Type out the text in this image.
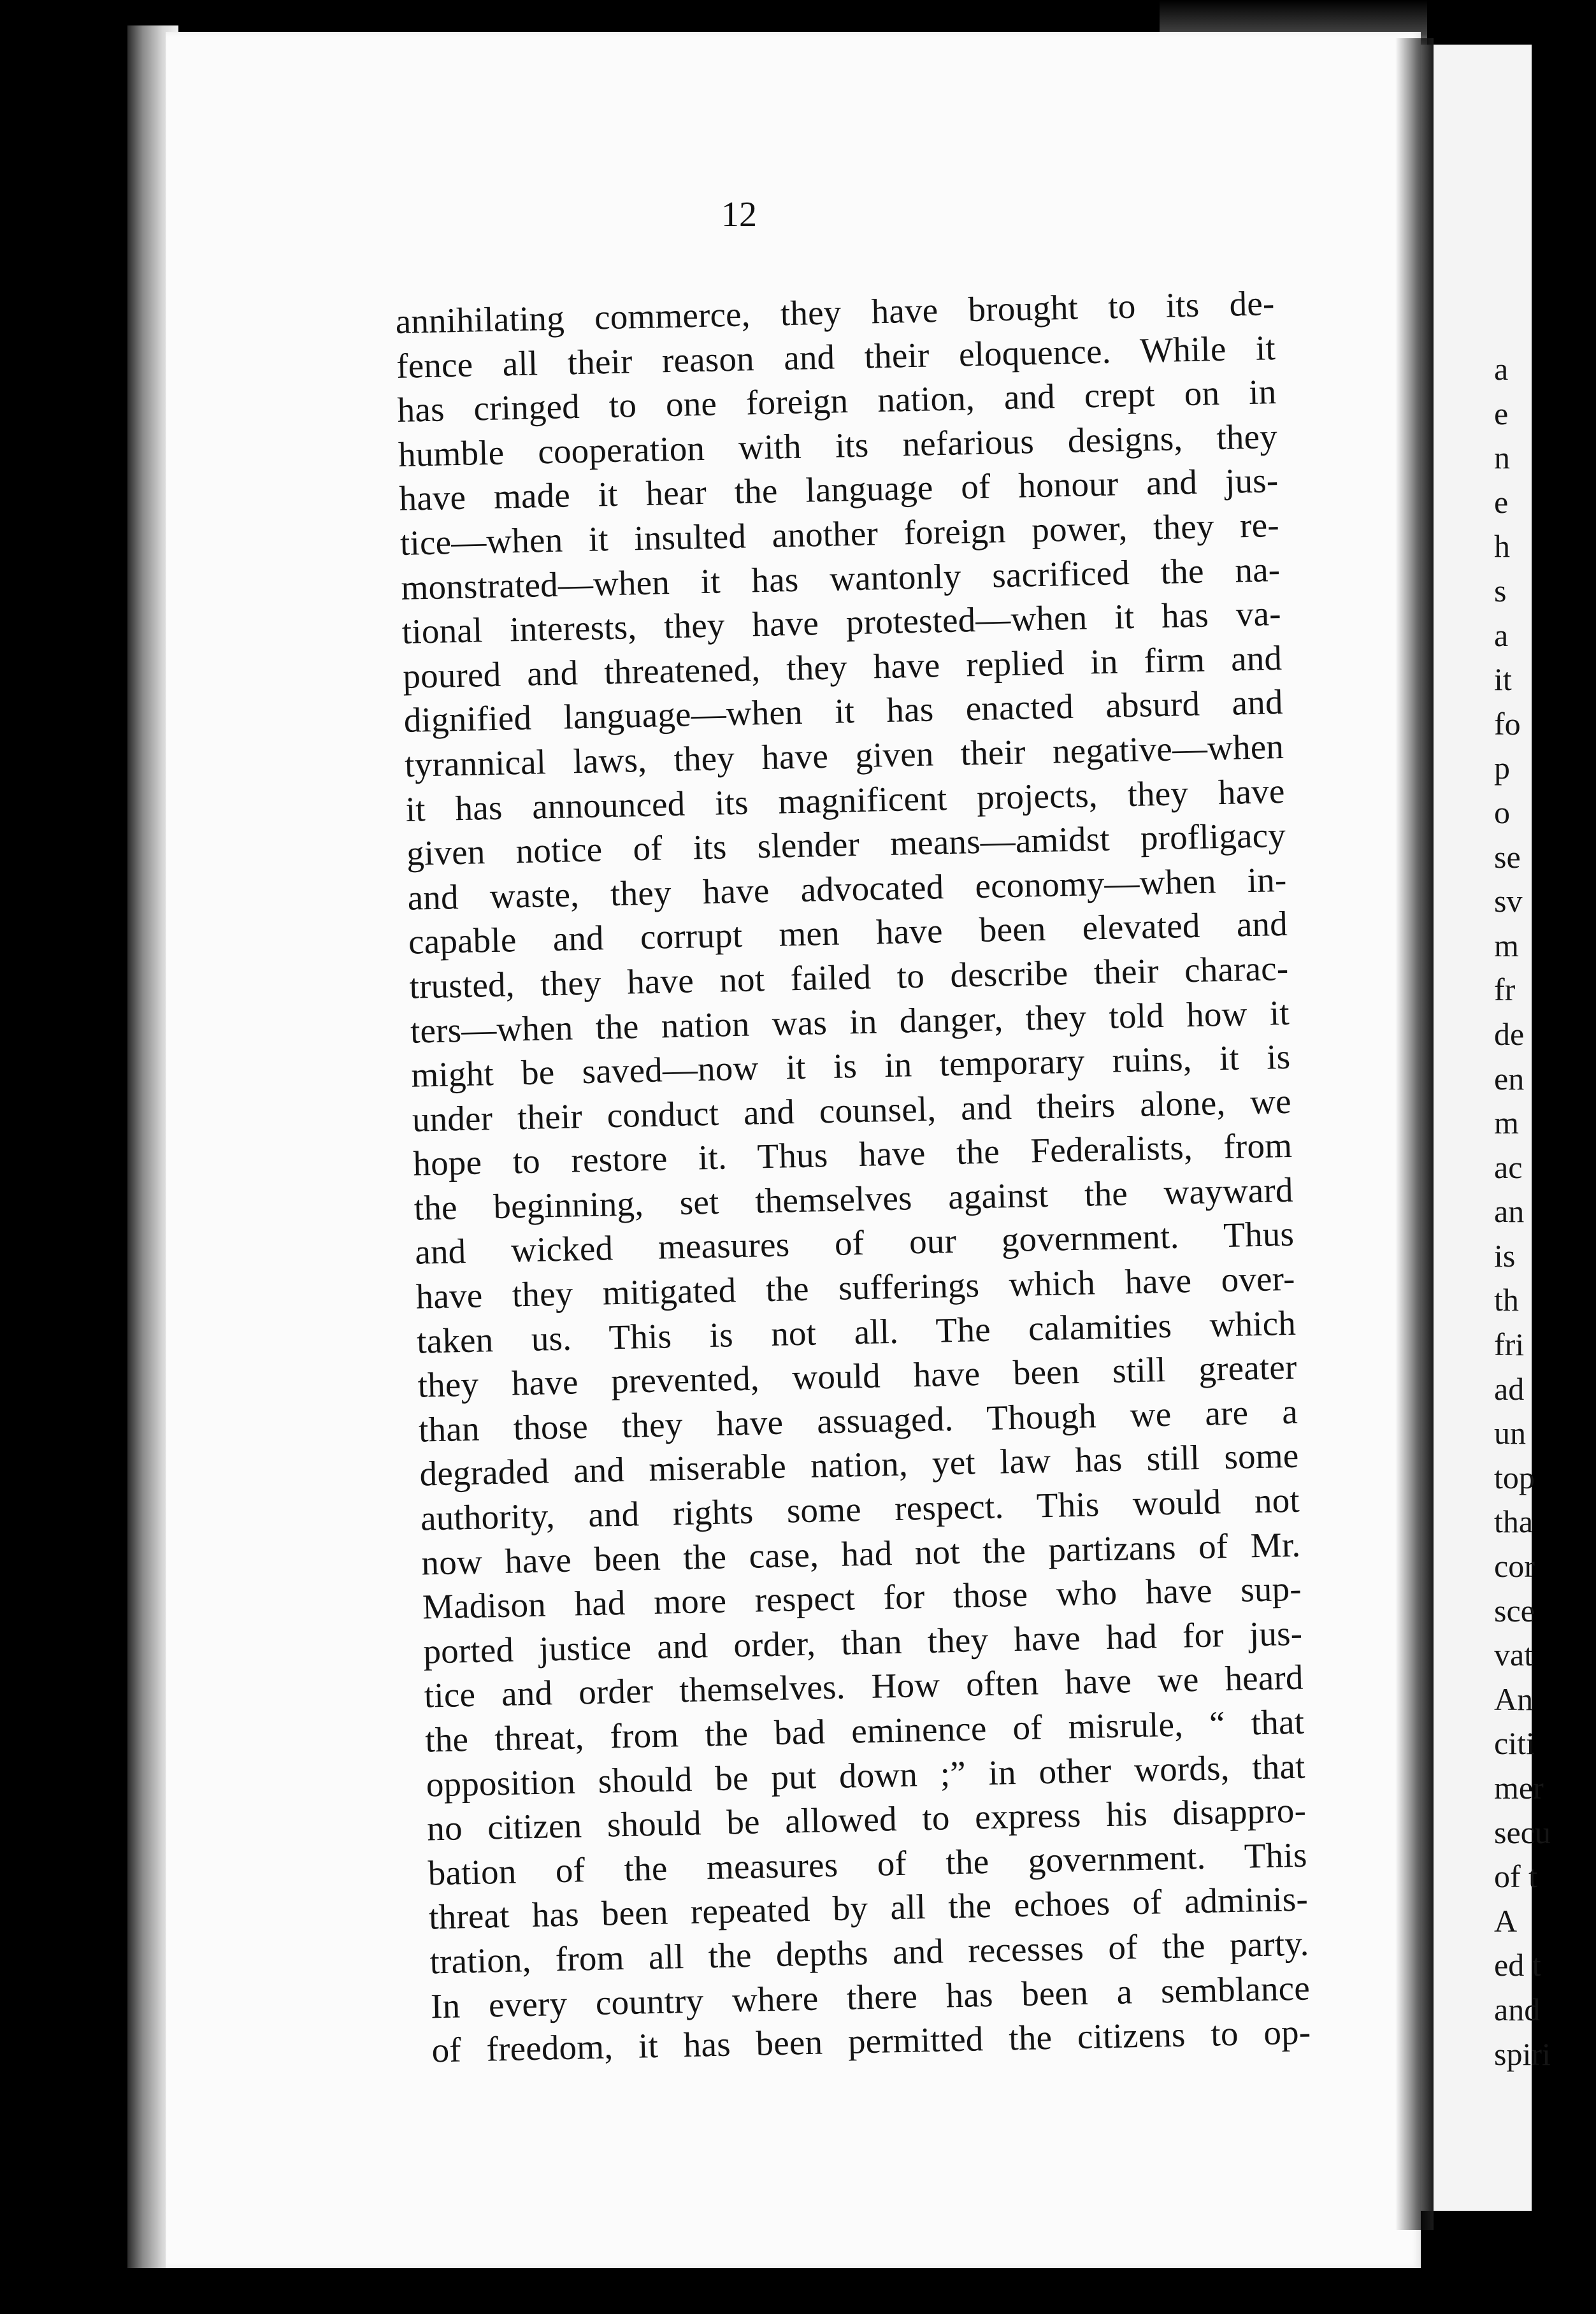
12
annihilating commerce, they have brought to its de-
fence all their reason and their eloquence. While it
has cringed to one foreign nation, and crept on in
humble cooperation with its nefarious designs, they
have made it hear the language of honour and jus-
tice—when it insulted another foreign power, they re-
monstrated—when it has wantonly sacrificed the na-
tional interests, they have protested—when it has va-
poured and threatened, they have replied in firm and
dignified language—when it has enacted absurd and
tyrannical laws, they have given their negative—when
it has announced its magnificent projects, they have
given notice of its slender means—amidst profligacy
and waste, they have advocated economy—when in-
capable and corrupt men have been elevated and
trusted, they have not failed to describe their charac-
ters—when the nation was in danger, they told how it
might be saved—now it is in temporary ruins, it is
under their conduct and counsel, and theirs alone, we
hope to restore it. Thus have the Federalists, from
the beginning, set themselves against the wayward
and wicked measures of our government. Thus
have they mitigated the sufferings which have over-
taken us. This is not all. The calamities which
they have prevented, would have been still greater
than those they have assuaged. Though we are a
degraded and miserable nation, yet law has still some
authority, and rights some respect. This would not
now have been the case, had not the partizans of Mr.
Madison had more respect for those who have sup-
ported justice and order, than they have had for jus-
tice and order themselves. How often have we heard
the threat, from the bad eminence of misrule, “ that
opposition should be put down ;” in other words, that
no citizen should be allowed to express his disappro-
bation of the measures of the government. This
threat has been repeated by all the echoes of adminis-
tration, from all the depths and recesses of the party.
In every country where there has been a semblance
of freedom, it has been permitted the citizens to op-
a
e
n
e
h
s
a
it
fo
p
o
se
sv
m
fr
de
en
m
ac
an
is
th
fri
ad
un
top
tha
cor
sce
vat
An
citi
mer
secu
of t
A
ed t
and
spiri
